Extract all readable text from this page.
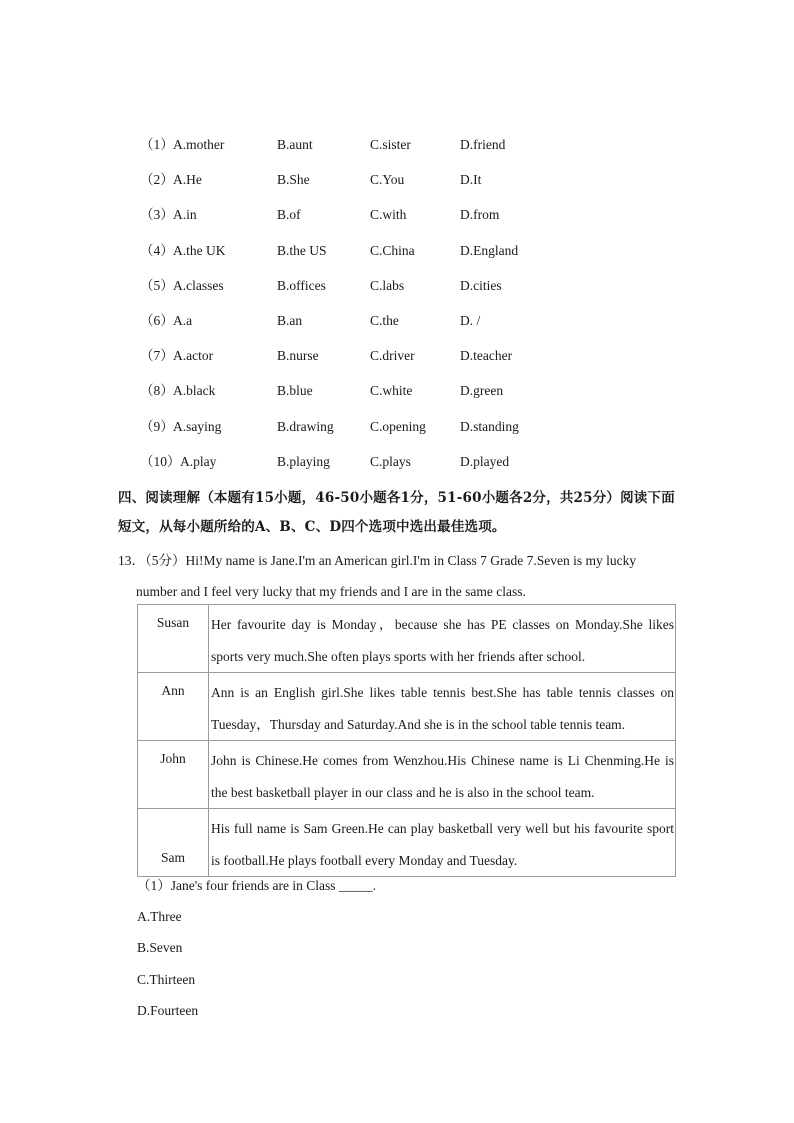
（1） A.mother	B.aunt	C.sister	D.friend
（2） A.He	B.She	C.You	D.It
（3） A.in	B.of	C.with	D.from
（4） A.the UK	B.the US	C.China	D.England
（5） A.classes	B.offices	C.labs	D.cities
（6） A.a	B.an	C.the	D. /
（7） A.actor	B.nurse	C.driver	D.teacher
（8） A.black	B.blue	C.white	D.green
（9） A.saying	B.drawing	C.opening	D.standing
（10） A.play	B.playing	C.plays	D.played
四、阅读理解（本题有15小题，46-50小题各1分，51-60小题各2分，共25分）阅读下面短文，从每小题所给的A、B、C、D四个选项中选出最佳选项。
13．（5分）Hi!My name is Jane.I'm an American girl.I'm in Class 7 Grade 7.Seven is my lucky
number and I feel very lucky that my friends and I are in the same class.
Susan	Her favourite day is Monday，because she has PE classes on Monday.She likes sports very much.She often plays sports with her friends after school.
Ann	Ann is an English girl.She likes table tennis best.She has table tennis classes on Tuesday，Thursday and Saturday.And she is in the school table tennis team.
John	John is Chinese.He comes from Wenzhou.His Chinese name is Li Chenming.He is the best basketball player in our class and he is also in the school team.
Sam	His full name is Sam Green.He can play basketball very well but his favourite sport is football.He plays football every Monday and Tuesday.
（1）Jane's four friends are in Class _____.
A.Three
B.Seven
C.Thirteen
D.Fourteen
